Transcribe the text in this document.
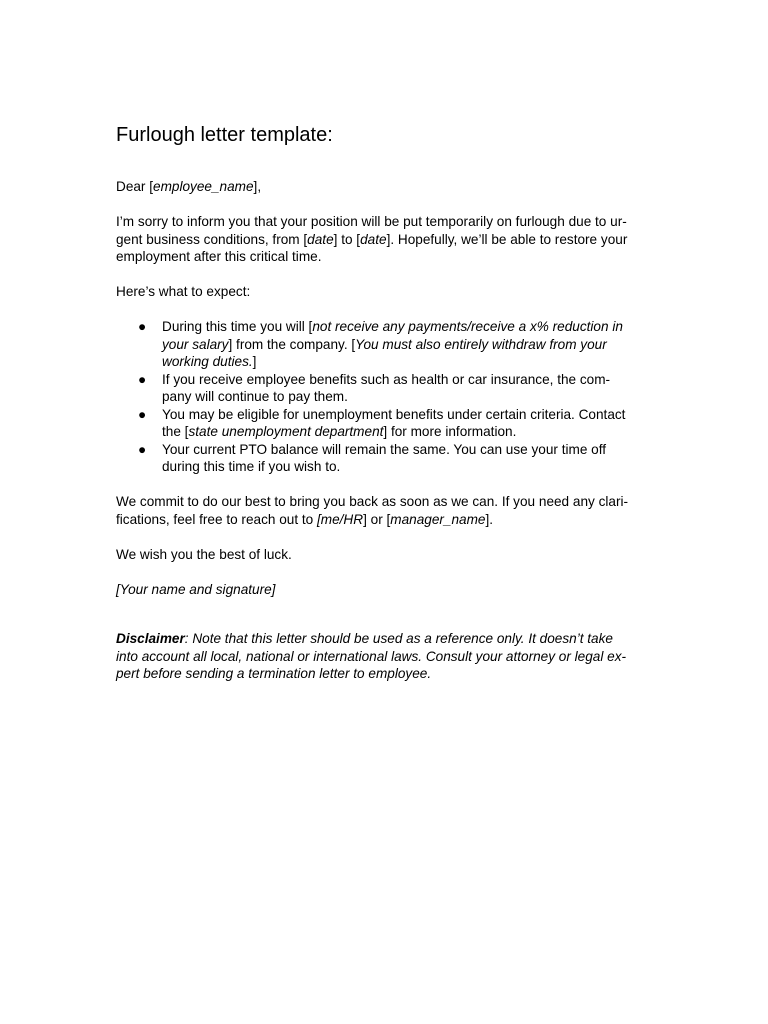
Furlough letter template:

Dear [employee_name],

I’m sorry to inform you that your position will be put temporarily on furlough due to ur-
gent business conditions, from [date] to [date]. Hopefully, we’ll be able to restore your
employment after this critical time.

Here’s what to expect:

● During this time you will [not receive any payments/receive a x% reduction in
your salary] from the company. [You must also entirely withdraw from your
working duties.]
● If you receive employee benefits such as health or car insurance, the com-
pany will continue to pay them.
● You may be eligible for unemployment benefits under certain criteria. Contact
the [state unemployment department] for more information.
● Your current PTO balance will remain the same. You can use your time off
during this time if you wish to.

We commit to do our best to bring you back as soon as we can. If you need any clari-
fications, feel free to reach out to [me/HR] or [manager_name].

We wish you the best of luck.

[Your name and signature]

Disclaimer: Note that this letter should be used as a reference only. It doesn’t take
into account all local, national or international laws. Consult your attorney or legal ex-
pert before sending a termination letter to employee.
